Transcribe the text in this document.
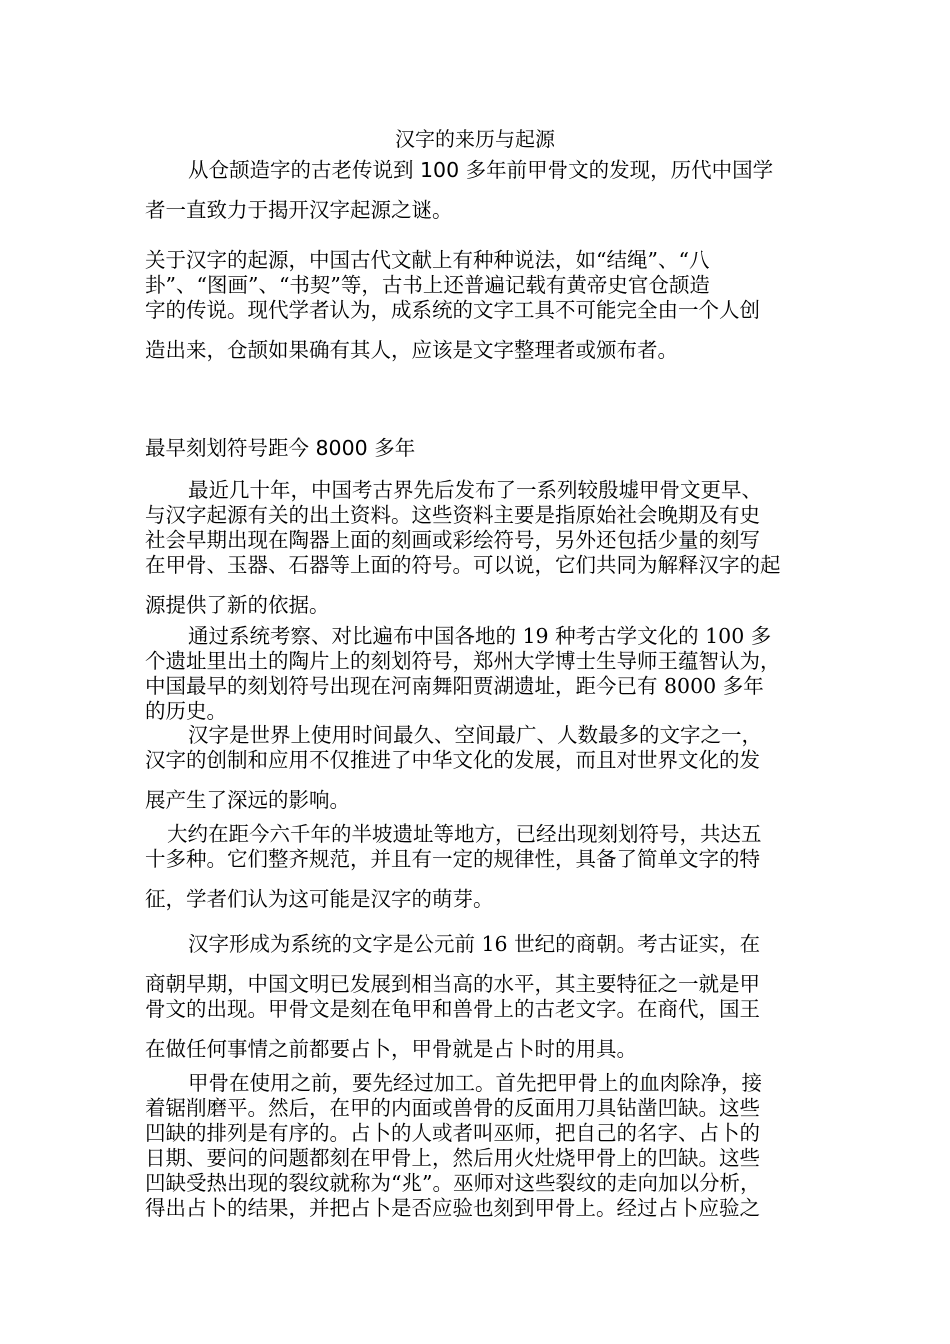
汉字的来历与起源
从仓颉造字的古老传说到 100 多年前甲骨文的发现，历代中国学
者一直致力于揭开汉字起源之谜。
关于汉字的起源，中国古代文献上有种种说法，如“结绳”、“八
卦”、“图画”、“书契”等，古书上还普遍记载有黄帝史官仓颉造
字的传说。现代学者认为，成系统的文字工具不可能完全由一个人创
造出来，仓颉如果确有其人，应该是文字整理者或颁布者。
最早刻划符号距今 8000 多年
最近几十年，中国考古界先后发布了一系列较殷墟甲骨文更早、
与汉字起源有关的出土资料。这些资料主要是指原始社会晚期及有史
社会早期出现在陶器上面的刻画或彩绘符号，另外还包括少量的刻写
在甲骨、玉器、石器等上面的符号。可以说，它们共同为解释汉字的起
源提供了新的依据。
通过系统考察、对比遍布中国各地的 19 种考古学文化的 100 多
个遗址里出土的陶片上的刻划符号，郑州大学博士生导师王蕴智认为，
中国最早的刻划符号出现在河南舞阳贾湖遗址，距今已有 8000 多年
的历史。
汉字是世界上使用时间最久、空间最广、人数最多的文字之一，
汉字的创制和应用不仅推进了中华文化的发展，而且对世界文化的发
展产生了深远的影响。
大约在距今六千年的半坡遗址等地方，已经出现刻划符号，共达五
十多种。它们整齐规范，并且有一定的规律性，具备了简单文字的特
征，学者们认为这可能是汉字的萌芽。
汉字形成为系统的文字是公元前 16 世纪的商朝。考古证实，在
商朝早期，中国文明已发展到相当高的水平，其主要特征之一就是甲
骨文的出现。甲骨文是刻在龟甲和兽骨上的古老文字。在商代，国王
在做任何事情之前都要占卜，甲骨就是占卜时的用具。
甲骨在使用之前，要先经过加工。首先把甲骨上的血肉除净，接
着锯削磨平。然后，在甲的内面或兽骨的反面用刀具钻凿凹缺。这些
凹缺的排列是有序的。占卜的人或者叫巫师，把自己的名字、占卜的
日期、要问的问题都刻在甲骨上，然后用火灶烧甲骨上的凹缺。这些
凹缺受热出现的裂纹就称为“兆”。巫师对这些裂纹的走向加以分析，
得出占卜的结果，并把占卜是否应验也刻到甲骨上。经过占卜应验之
